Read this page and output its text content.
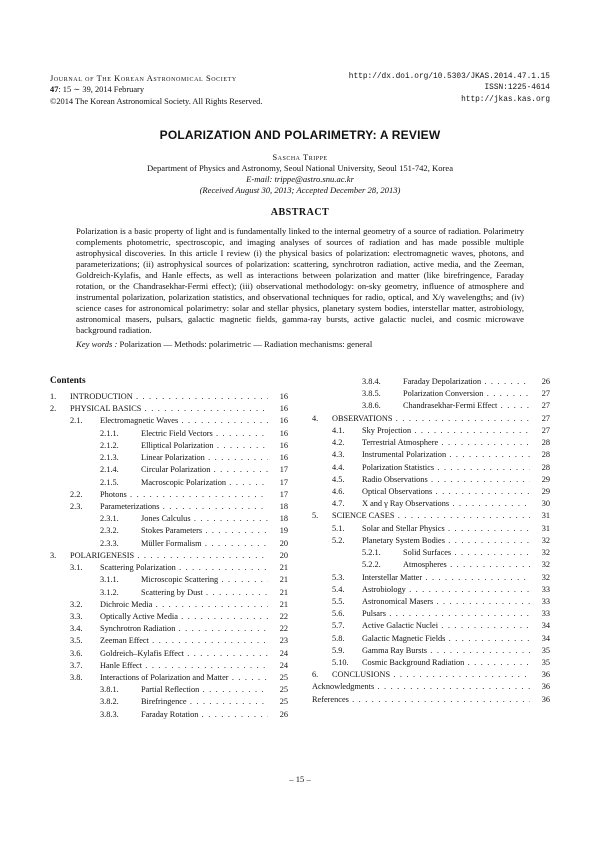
Journal of The Korean Astronomical Society
47: 15 ∼ 39, 2014 February
©2014 The Korean Astronomical Society. All Rights Reserved.
http://dx.doi.org/10.5303/JKAS.2014.47.1.15
ISSN:1225-4614
http://jkas.kas.org
POLARIZATION AND POLARIMETRY: A REVIEW
Sascha Trippe
Department of Physics and Astronomy, Seoul National University, Seoul 151-742, Korea
E-mail: trippe@astro.snu.ac.kr
(Received August 30, 2013; Accepted December 28, 2013)
ABSTRACT
Polarization is a basic property of light and is fundamentally linked to the internal geometry of a source of radiation. Polarimetry complements photometric, spectroscopic, and imaging analyses of sources of radiation and has made possible multiple astrophysical discoveries. In this article I review (i) the physical basics of polarization: electromagnetic waves, photons, and parameterizations; (ii) astrophysical sources of polarization: scattering, synchrotron radiation, active media, and the Zeeman, Goldreich-Kylafis, and Hanle effects, as well as interactions between polarization and matter (like birefringence, Faraday rotation, or the Chandrasekhar-Fermi effect); (iii) observational methodology: on-sky geometry, influence of atmosphere and instrumental polarization, polarization statistics, and observational techniques for radio, optical, and X/γ wavelengths; and (iv) science cases for astronomical polarimetry: solar and stellar physics, planetary system bodies, interstellar matter, astrobiology, astronomical masers, pulsars, galactic magnetic fields, gamma-ray bursts, active galactic nuclei, and cosmic microwave background radiation.
Key words : Polarization — Methods: polarimetric — Radiation mechanisms: general
Contents
1. INTRODUCTION . . .	16
2. PHYSICAL BASICS . . .	16
2.1. Electromagnetic Waves . . .	16
2.1.1.	Electric Field Vectors . . .	16
2.1.2.	Elliptical Polarization . . .	16
2.1.3.	Linear Polarization . . .	16
2.1.4.	Circular Polarization . . .	17
2.1.5.	Macroscopic Polarization . . .	17
2.2. Photons . . .	17
2.3. Parameterizations . . .	18
2.3.1.	Jones Calculus . . .	18
2.3.2.	Stokes Parameters . . .	19
2.3.3.	Müller Formalism . . .	20
3. POLARIGENESIS . . .	20
3.1. Scattering Polarization . . .	21
3.1.1.	Microscopic Scattering . . .	21
3.1.2.	Scattering by Dust . . .	21
3.2. Dichroic Media . . .	21
3.3. Optically Active Media . . .	22
3.4. Synchrotron Radiation . . .	22
3.5. Zeeman Effect . . .	23
3.6. Goldreich–Kylafis Effect . . .	24
3.7. Hanle Effect . . .	24
3.8. Interactions of Polarization and Matter . . .	25
3.8.1.	Partial Reflection . . .	25
3.8.2.	Birefringence . . .	25
3.8.3.	Faraday Rotation . . .	26
3.8.4.	Faraday Depolarization . . .	26
3.8.5.	Polarization Conversion . . .	27
3.8.6.	Chandrasekhar-Fermi Effect . . .	27
4. OBSERVATIONS . . .	27
4.1. Sky Projection . . .	27
4.2. Terrestrial Atmosphere . . .	28
4.3. Instrumental Polarization . . .	28
4.4. Polarization Statistics . . .	28
4.5. Radio Observations . . .	29
4.6. Optical Observations . . .	29
4.7. X and γ Ray Observations . . .	30
5. SCIENCE CASES . . .	31
5.1. Solar and Stellar Physics . . .	31
5.2. Planetary System Bodies . . .	32
5.2.1.	Solid Surfaces . . .	32
5.2.2.	Atmospheres . . .	32
5.3. Interstellar Matter . . .	32
5.4. Astrobiology . . .	33
5.5. Astronomical Masers . . .	33
5.6. Pulsars . . .	33
5.7. Active Galactic Nuclei . . .	34
5.8. Galactic Magnetic Fields . . .	34
5.9. Gamma Ray Bursts . . .	35
5.10. Cosmic Background Radiation . . .	35
6. CONCLUSIONS . . .	36
Acknowledgments . . .	36
References . . .	36
– 15 –
